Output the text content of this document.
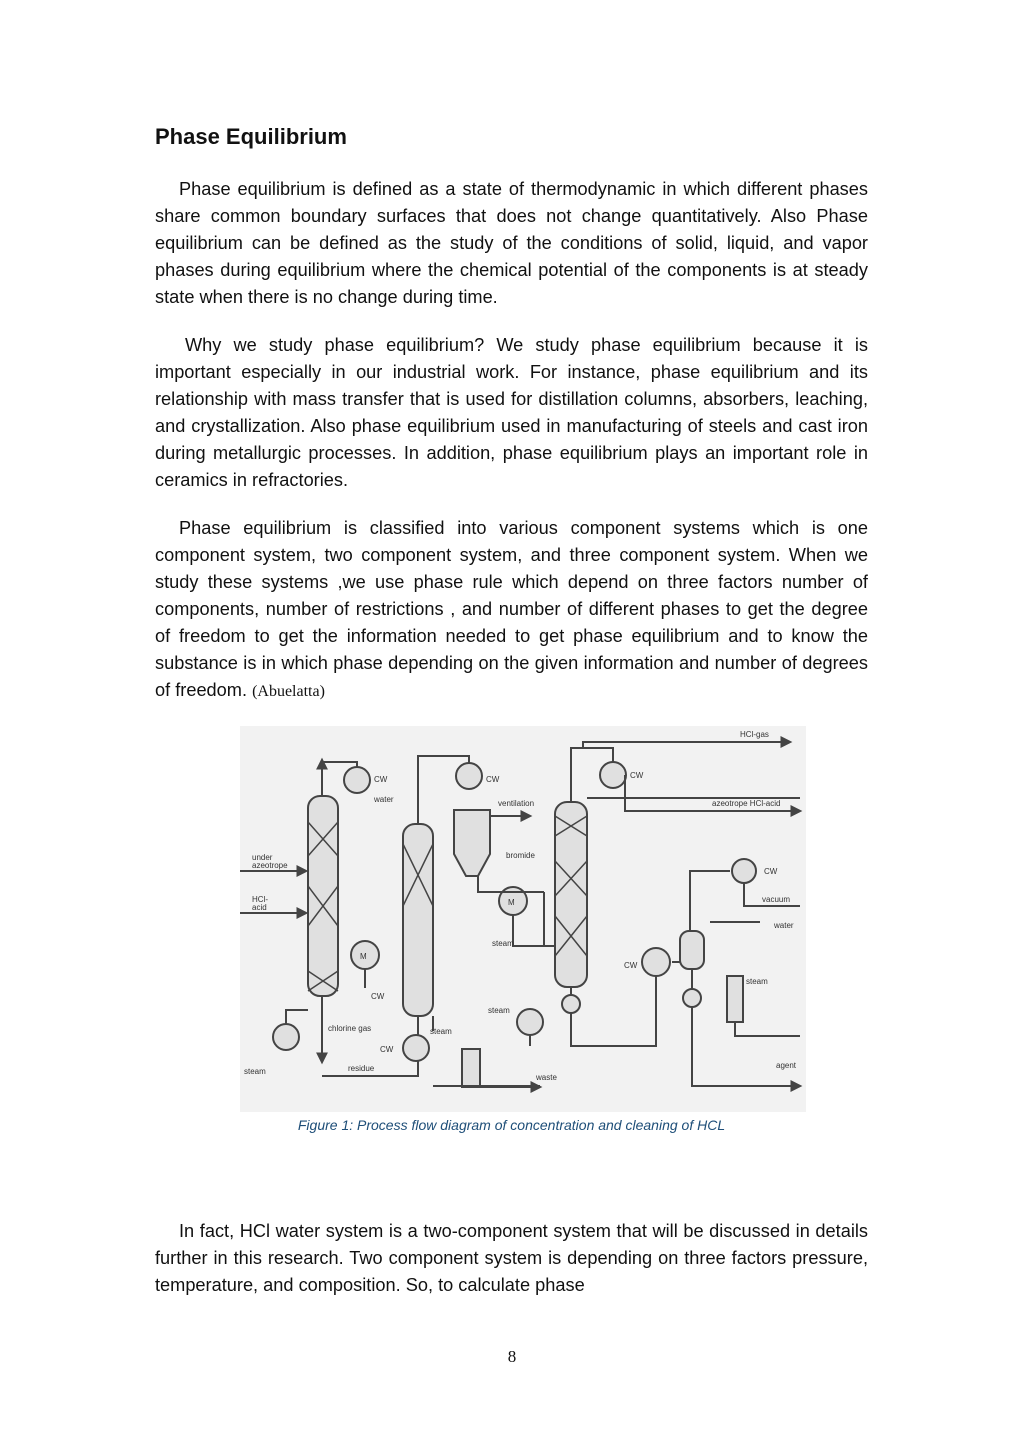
Phase Equilibrium

Phase equilibrium is defined as a state of thermodynamic in which different phases share common boundary surfaces that does not change quantitatively. Also Phase equilibrium can be defined as the study of the conditions of solid, liquid, and vapor phases during equilibrium where the chemical potential of the components is at steady state when there is no change during time.

Why we study phase equilibrium? We study phase equilibrium because it is important especially in our industrial work. For instance, phase equilibrium and its relationship with mass transfer that is used for distillation columns, absorbers, leaching, and crystallization. Also phase equilibrium used in manufacturing of steels and cast iron during metallurgic processes. In addition, phase equilibrium plays an important role in ceramics in refractories.

Phase equilibrium is classified into various component systems which is one component system, two component system, and three component system. When we study these systems ,we use phase rule which depend on three factors number of components, number of restrictions , and number of different phases to get the degree of freedom to get the information needed to get phase equilibrium and to know the substance is in which phase depending on the given information and number of degrees of freedom. (Abuelatta)

HCl-gas
CW
water
CW
ventilation
CW
azeotrope HCl-acid
under
azeotrope
HCl-
acid
bromide
CW
vacuum
water
steam
CW
steam
steam
CW
chlorine gas	steam
CW
steam	residue
waste
agent
M
M

Figure 1: Process flow diagram of concentration and cleaning of HCL

In fact, HCl water system is a two-component system that will be discussed in details further in this research. Two component system is depending on three factors pressure, temperature, and composition. So, to calculate phase

8
